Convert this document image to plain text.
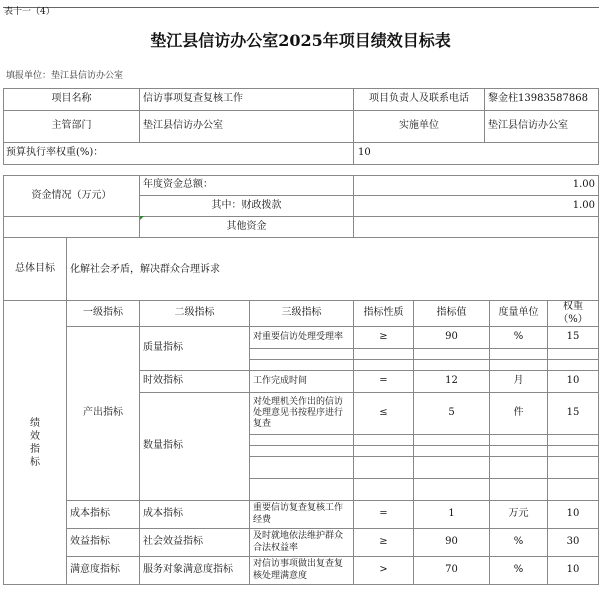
表十一（4）
垫江县信访办公室2025年项目绩效目标表
填报单位：垫江县信访办公室
项目名称	信访事项复查复核工作	项目负责人及联系电话	黎金柱13983587868
主管部门	垫江县信访办公室	实施单位	垫江县信访办公室
预算执行率权重(%)：		10	
资金情况（万元）	年度资金总额：	1.00
	其中：财政拨款	1.00
	其他资金	
总体目标	化解社会矛盾，解决群众合理诉求
绩效指标	一级指标	二级指标	三级指标	指标性质	指标值	度量单位	权重（%）
	产出指标	质量指标	对重要信访处理受理率	≥	90	%	15

		时效指标	工作完成时间	=	12	月	10
		数量指标	对处理机关作出的信访处理意见书按程序进行复查	≤	5	件	15

	成本指标	成本指标	重要信访复查复核工作经费	=	1	万元	10
	效益指标	社会效益指标	及时就地依法维护群众合法权益率	≥	90	%	30
	满意度指标	服务对象满意度指标	对信访事项做出复查复核处理满意度	>	70	%	10
